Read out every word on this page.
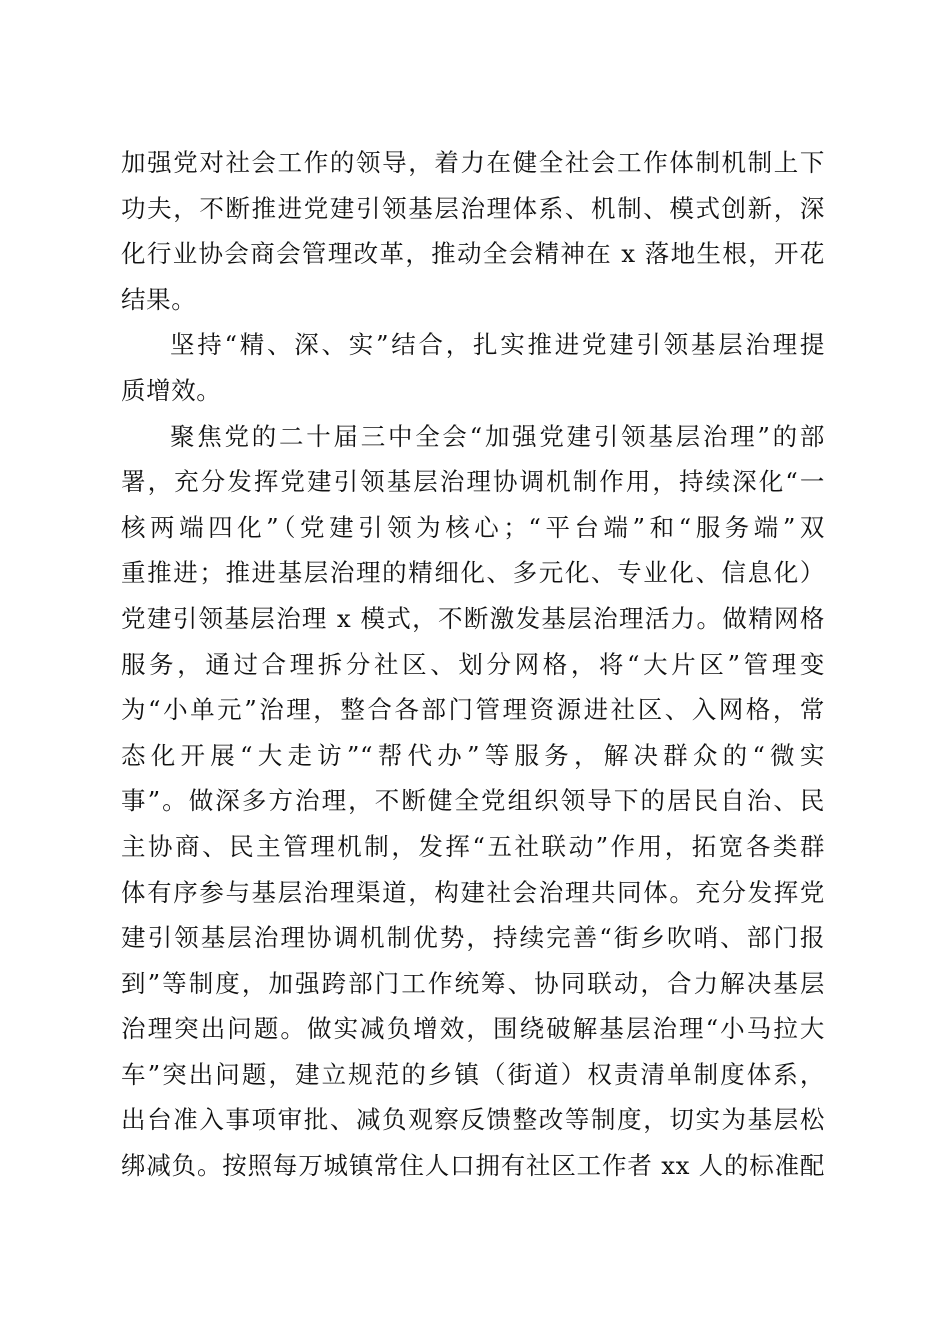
加强党对社会工作的领导，着力在健全社会工作体制机制上下
功夫，不断推进党建引领基层治理体系、机制、模式创新，深
化行业协会商会管理改革，推动全会精神在 x 落地生根，开花
结果。
坚持“精、深、实”结合，扎实推进党建引领基层治理提
质增效。
聚焦党的二十届三中全会“加强党建引领基层治理”的部
署，充分发挥党建引领基层治理协调机制作用，持续深化“一
核两端四化”（党建引领为核心；“平台端”和“服务端”双
重推进；推进基层治理的精细化、多元化、专业化、信息化）
党建引领基层治理 x 模式，不断激发基层治理活力。做精网格
服务，通过合理拆分社区、划分网格，将“大片区”管理变
为“小单元”治理，整合各部门管理资源进社区、入网格，常
态化开展“大走访”“帮代办”等服务，解决群众的“微实
事”。做深多方治理，不断健全党组织领导下的居民自治、民
主协商、民主管理机制，发挥“五社联动”作用，拓宽各类群
体有序参与基层治理渠道，构建社会治理共同体。充分发挥党
建引领基层治理协调机制优势，持续完善“街乡吹哨、部门报
到”等制度，加强跨部门工作统筹、协同联动，合力解决基层
治理突出问题。做实减负增效，围绕破解基层治理“小马拉大
车”突出问题，建立规范的乡镇（街道）权责清单制度体系，
出台准入事项审批、减负观察反馈整改等制度，切实为基层松
绑减负。按照每万城镇常住人口拥有社区工作者 xx 人的标准配
